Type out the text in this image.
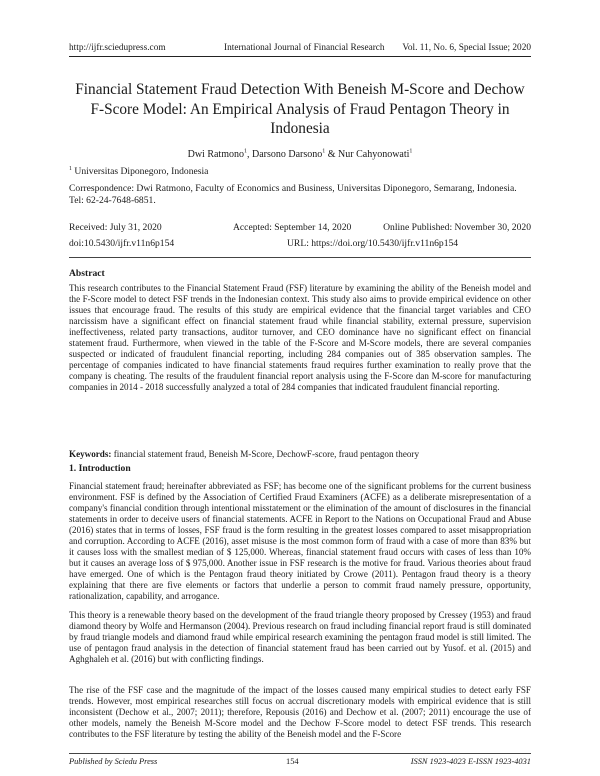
http://ijfr.sciedupress.com	International Journal of Financial Research Vol. 11, No. 6, Special Issue; 2020
Financial Statement Fraud Detection With Beneish M-Score and Dechow F-Score Model: An Empirical Analysis of Fraud Pentagon Theory in Indonesia
Dwi Ratmono$^1$, Darsono Darsono$^1$ & Nur Cahyonowati$^1$
$^1$ Universitas Diponegoro, Indonesia
Correspondence: Dwi Ratmono, Faculty of Economics and Business, Universitas Diponegoro, Semarang, Indonesia. Tel: 62-24-7648-6851.
Received: July 31, 2020	Accepted: September 14, 2020	Online Published: November 30, 2020
doi:10.5430/ijfr.v11n6p154	URL: https://doi.org/10.5430/ijfr.v11n6p154
Abstract
This research contributes to the Financial Statement Fraud (FSF) literature by examining the ability of the Beneish model and the F-Score model to detect FSF trends in the Indonesian context. This study also aims to provide empirical evidence on other issues that encourage fraud. The results of this study are empirical evidence that the financial target variables and CEO narcissism have a significant effect on financial statement fraud while financial stability, external pressure, supervision ineffectiveness, related party transactions, auditor turnover, and CEO dominance have no significant effect on financial statement fraud. Furthermore, when viewed in the table of the F-Score and M-Score models, there are several companies suspected or indicated of fraudulent financial reporting, including 284 companies out of 385 observation samples. The percentage of companies indicated to have financial statements fraud requires further examination to really prove that the company is cheating. The results of the fraudulent financial report analysis using the F-Score dan M-score for manufacturing companies in 2014 - 2018 successfully analyzed a total of 284 companies that indicated fraudulent financial reporting.
Keywords: financial statement fraud, Beneish M-Score, DechowF-score, fraud pentagon theory
1. Introduction
Financial statement fraud; hereinafter abbreviated as FSF; has become one of the significant problems for the current business environment. FSF is defined by the Association of Certified Fraud Examiners (ACFE) as a deliberate misrepresentation of a company's financial condition through intentional misstatement or the elimination of the amount of disclosures in the financial statements in order to deceive users of financial statements. ACFE in Report to the Nations on Occupational Fraud and Abuse (2016) states that in terms of losses, FSF fraud is the form resulting in the greatest losses compared to asset misappropriation and corruption. According to ACFE (2016), asset misuse is the most common form of fraud with a case of more than 83% but it causes loss with the smallest median of $ 125,000. Whereas, financial statement fraud occurs with cases of less than 10% but it causes an average loss of $ 975,000. Another issue in FSF research is the motive for fraud. Various theories about fraud have emerged. One of which is the Pentagon fraud theory initiated by Crowe (2011). Pentagon fraud theory is a theory explaining that there are five elements or factors that underlie a person to commit fraud namely pressure, opportunity, rationalization, capability, and arrogance.
This theory is a renewable theory based on the development of the fraud triangle theory proposed by Cressey (1953) and fraud diamond theory by Wolfe and Hermanson (2004). Previous research on fraud including financial report fraud is still dominated by fraud triangle models and diamond fraud while empirical research examining the pentagon fraud model is still limited. The use of pentagon fraud analysis in the detection of financial statement fraud has been carried out by Yusof. et al. (2015) and Aghghaleh et al. (2016) but with conflicting findings.
The rise of the FSF case and the magnitude of the impact of the losses caused many empirical studies to detect early FSF trends. However, most empirical researches still focus on accrual discretionary models with empirical evidence that is still inconsistent (Dechow et al., 2007; 2011); therefore, Repousis (2016) and Dechow et al. (2007; 2011) encourage the use of other models, namely the Beneish M-Score model and the Dechow F-Score model to detect FSF trends. This research contributes to the FSF literature by testing the ability of the Beneish model and the F-Score
Published by Sciedu Press	154	ISSN 1923-4023 E-ISSN 1923-4031
